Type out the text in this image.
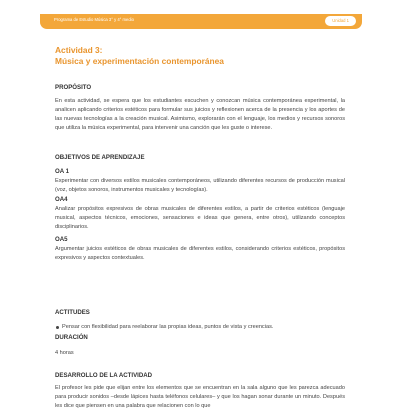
Programa de Estudio Música 3° y 4° medio	Unidad 1
Actividad 3:
Música y experimentación contemporánea
PROPÓSITO
En esta actividad, se espera que los estudiantes escuchen y conozcan música contemporánea experimental, la analicen aplicando criterios estéticos para formular sus juicios y reflexionen acerca de la presencia y los aportes de las nuevas tecnologías a la creación musical. Asimismo, explorarán con el lenguaje, los medios y recursos sonoros que utiliza la música experimental, para intervenir una canción que les guste o interese.
OBJETIVOS DE APRENDIZAJE
OA 1
Experimentar con diversos estilos musicales contemporáneos, utilizando diferentes recursos de producción musical (voz, objetos sonoros, instrumentos musicales y tecnologías).
OA4
Analizar propósitos expresivos de obras musicales de diferentes estilos, a partir de criterios estéticos (lenguaje musical, aspectos técnicos, emociones, sensaciones e ideas que genera, entre otros), utilizando conceptos disciplinarios.
OA5
Argumentar juicios estéticos de obras musicales de diferentes estilos, considerando criterios estéticos, propósitos expresivos y aspectos contextuales.
ACTITUDES
Pensar con flexibilidad para reelaborar las propias ideas, puntos de vista y creencias.
DURACIÓN
4 horas
DESARROLLO DE LA ACTIVIDAD
El profesor les pide que elijan entre los elementos que se encuentran en la sala alguno que les parezca adecuado para producir sonidos –desde lápices hasta teléfonos celulares– y que los hagan sonar durante un minuto. Después les dice que piensen en una palabra que relacionen con lo que
